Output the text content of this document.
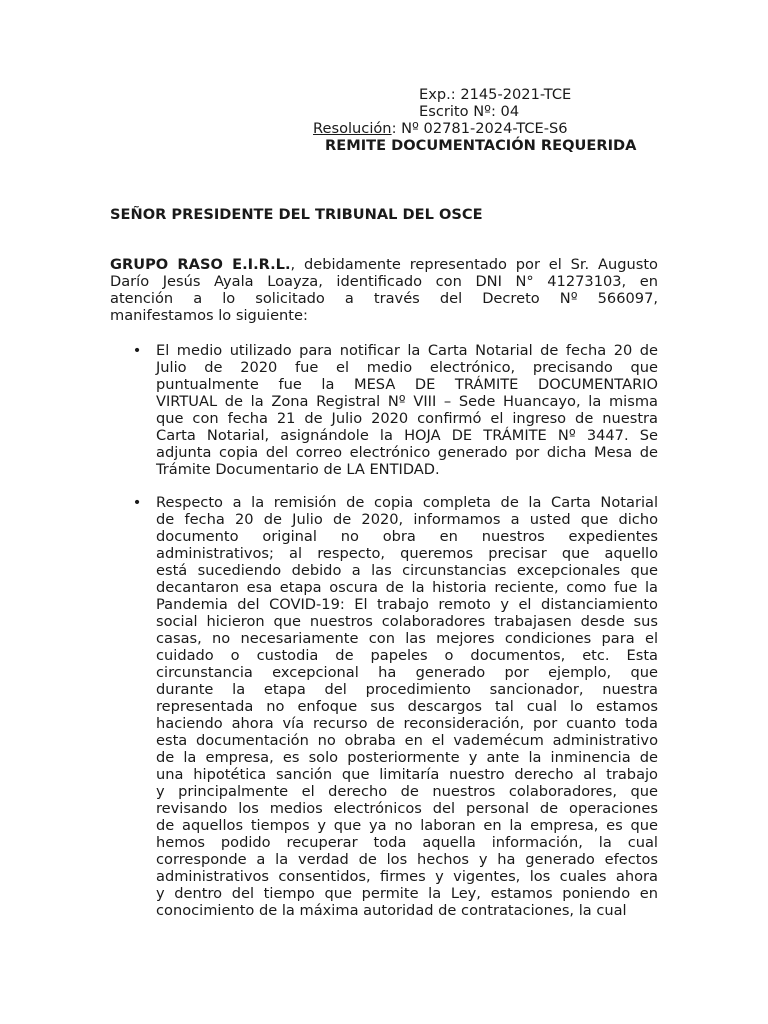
Exp.: 2145-2021-TCE
Escrito Nº: 04
Resolución: Nº 02781-2024-TCE-S6
REMITE DOCUMENTACIÓN REQUERIDA
SEÑOR PRESIDENTE DEL TRIBUNAL DEL OSCE
GRUPO RASO E.I.R.L., debidamente representado por el Sr. Augusto
Darío Jesús Ayala Loayza, identificado con DNI N° 41273103, en
atención a lo solicitado a través del Decreto Nº 566097,
manifestamos lo siguiente:
• El medio utilizado para notificar la Carta Notarial de fecha 20 de
Julio de 2020 fue el medio electrónico, precisando que
puntualmente fue la MESA DE TRÁMITE DOCUMENTARIO
VIRTUAL de la Zona Registral Nº VIII – Sede Huancayo, la misma
que con fecha 21 de Julio 2020 confirmó el ingreso de nuestra
Carta Notarial, asignándole la HOJA DE TRÁMITE Nº 3447. Se
adjunta copia del correo electrónico generado por dicha Mesa de
Trámite Documentario de LA ENTIDAD.
• Respecto a la remisión de copia completa de la Carta Notarial
de fecha 20 de Julio de 2020, informamos a usted que dicho
documento original no obra en nuestros expedientes
administrativos; al respecto, queremos precisar que aquello
está sucediendo debido a las circunstancias excepcionales que
decantaron esa etapa oscura de la historia reciente, como fue la
Pandemia del COVID-19: El trabajo remoto y el distanciamiento
social hicieron que nuestros colaboradores trabajasen desde sus
casas, no necesariamente con las mejores condiciones para el
cuidado o custodia de papeles o documentos, etc. Esta
circunstancia excepcional ha generado por ejemplo, que
durante la etapa del procedimiento sancionador, nuestra
representada no enfoque sus descargos tal cual lo estamos
haciendo ahora vía recurso de reconsideración, por cuanto toda
esta documentación no obraba en el vademécum administrativo
de la empresa, es solo posteriormente y ante la inminencia de
una hipotética sanción que limitaría nuestro derecho al trabajo
y principalmente el derecho de nuestros colaboradores, que
revisando los medios electrónicos del personal de operaciones
de aquellos tiempos y que ya no laboran en la empresa, es que
hemos podido recuperar toda aquella información, la cual
corresponde a la verdad de los hechos y ha generado efectos
administrativos consentidos, firmes y vigentes, los cuales ahora
y dentro del tiempo que permite la Ley, estamos poniendo en
conocimiento de la máxima autoridad de contrataciones, la cual
